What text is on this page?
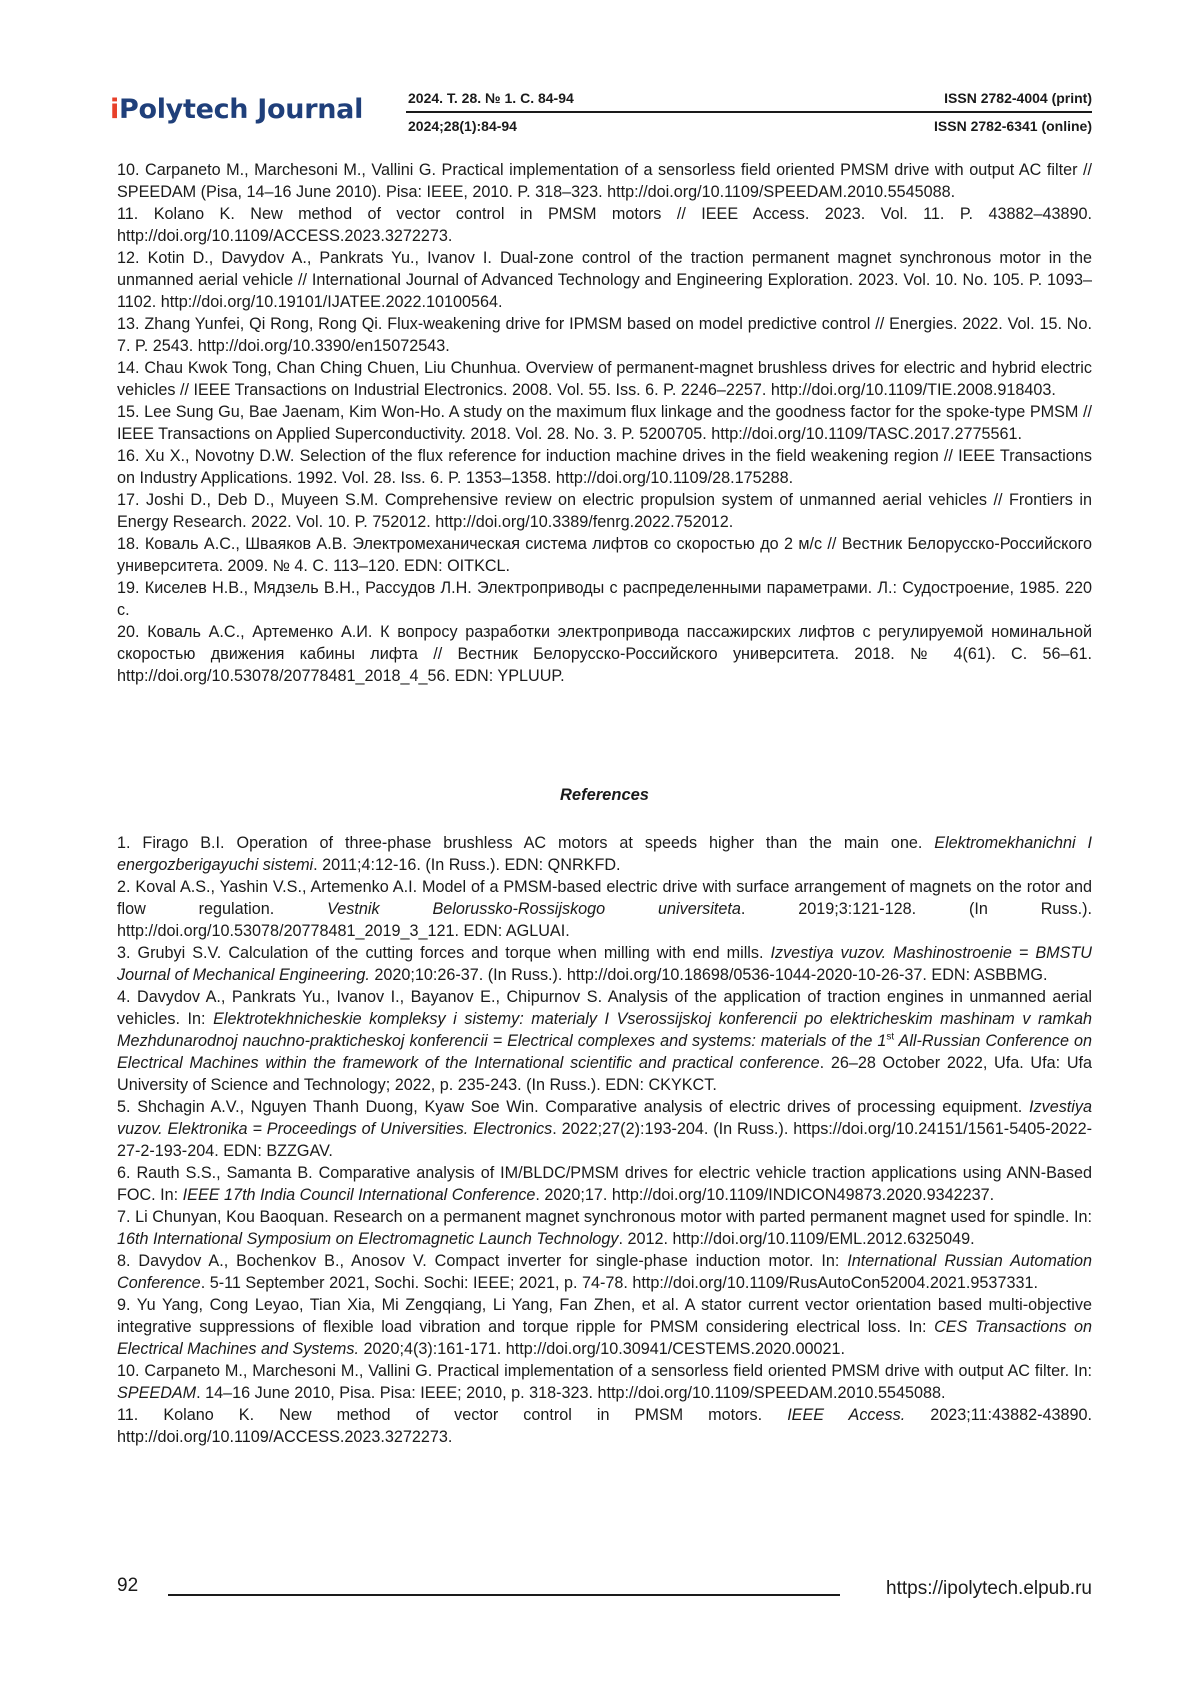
iPolytech Journal	2024. Т. 28. № 1. С. 84-94
2024;28(1):84-94
ISSN 2782-4004 (print)
ISSN 2782-6341 (online)

10. Carpaneto M., Marchesoni M., Vallini G. Practical implementation of a sensorless field oriented PMSM drive with output AC filter // SPEEDAM (Pisa, 14–16 June 2010). Pisa: IEEE, 2010. P. 318–323. http://doi.org/10.1109/SPEEDAM.2010.5545088.

11. Kolano K. New method of vector control in PMSM motors // IEEE Access. 2023. Vol. 11. P. 43882–43890. http://doi.org/10.1109/ACCESS.2023.3272273.

12. Kotin D., Davydov A., Pankrats Yu., Ivanov I. Dual-zone control of the traction permanent magnet synchronous motor in the unmanned aerial vehicle // International Journal of Advanced Technology and Engineering Exploration. 2023. Vol. 10. No. 105. P. 1093–1102. http://doi.org/10.19101/IJATEE.2022.10100564.

13. Zhang Yunfei, Qi Rong, Rong Qi. Flux-weakening drive for IPMSM based on model predictive control // Energies. 2022. Vol. 15. No. 7. P. 2543. http://doi.org/10.3390/en15072543.

14. Chau Kwok Tong, Chan Ching Chuen, Liu Chunhua. Overview of permanent-magnet brushless drives for electric and hybrid electric vehicles // IEEE Transactions on Industrial Electronics. 2008. Vol. 55. Iss. 6. P. 2246–2257. http://doi.org/10.1109/TIE.2008.918403.

15. Lee Sung Gu, Bae Jaenam, Kim Won-Ho. A study on the maximum flux linkage and the goodness factor for the spoke-type PMSM // IEEE Transactions on Applied Superconductivity. 2018. Vol. 28. No. 3. P. 5200705. http://doi.org/10.1109/TASC.2017.2775561.

16. Xu X., Novotny D.W. Selection of the flux reference for induction machine drives in the field weakening region // IEEE Transactions on Industry Applications. 1992. Vol. 28. Iss. 6. P. 1353–1358. http://doi.org/10.1109/28.175288.

17. Joshi D., Deb D., Muyeen S.M. Comprehensive review on electric propulsion system of unmanned aerial vehicles // Frontiers in Energy Research. 2022. Vol. 10. P. 752012. http://doi.org/10.3389/fenrg.2022.752012.

18. Коваль А.С., Шваяков А.В. Электромеханическая система лифтов со скоростью до 2 м/с // Вестник Белорусско-Российского университета. 2009. № 4. С. 113–120. EDN: OITKCL.

19. Киселев Н.В., Мядзель В.Н., Рассудов Л.Н. Электроприводы с распределенными параметрами. Л.: Судостроение, 1985. 220 с.

20. Коваль А.С., Артеменко А.И. К вопросу разработки электропривода пассажирских лифтов с регулируемой номинальной скоростью движения кабины лифта // Вестник Белорусско-Российского университета. 2018. № 4(61). С. 56–61. http://doi.org/10.53078/20778481_2018_4_56. EDN: YPLUUP.

References

1. Firago B.I. Operation of three-phase brushless AC motors at speeds higher than the main one. Elektromekhanichni I energozberigayuchi sistemi. 2011;4:12-16. (In Russ.). EDN: QNRKFD.

2. Koval A.S., Yashin V.S., Artemenko A.I. Model of a PMSM-based electric drive with surface arrangement of magnets on the rotor and flow regulation. Vestnik Belorussko-Rossijskogo universiteta. 2019;3:121-128. (In Russ.). http://doi.org/10.53078/20778481_2019_3_121. EDN: AGLUAI.

3. Grubyi S.V. Calculation of the cutting forces and torque when milling with end mills. Izvestiya vuzov. Mashinostroenie = BMSTU Journal of Mechanical Engineering. 2020;10:26-37. (In Russ.). http://doi.org/10.18698/0536-1044-2020-10-26-37. EDN: ASBBMG.

4. Davydov A., Pankrats Yu., Ivanov I., Bayanov E., Chipurnov S. Analysis of the application of traction engines in unmanned aerial vehicles. In: Elektrotekhnicheskie kompleksy i sistemy: materialy I Vserossijskoj konferencii po elektricheskim mashinam v ramkah Mezhdunarodnoj nauchno-prakticheskoj konferencii = Electrical complexes and systems: materials of the 1st All-Russian Conference on Electrical Machines within the framework of the International scientific and practical conference. 26–28 October 2022, Ufa. Ufa: Ufa University of Science and Technology; 2022, p. 235-243. (In Russ.). EDN: CKYKCT.

5. Shchagin A.V., Nguyen Thanh Duong, Kyaw Soe Win. Comparative analysis of electric drives of processing equipment. Izvestiya vuzov. Elektronika = Proceedings of Universities. Electronics. 2022;27(2):193-204. (In Russ.). https://doi.org/10.24151/1561-5405-2022-27-2-193-204. EDN: BZZGAV.

6. Rauth S.S., Samanta B. Comparative analysis of IM/BLDC/PMSM drives for electric vehicle traction applications using ANN-Based FOC. In: IEEE 17th India Council International Conference. 2020;17. http://doi.org/10.1109/INDICON49873.2020.9342237.

7. Li Chunyan, Kou Baoquan. Research on a permanent magnet synchronous motor with parted permanent magnet used for spindle. In: 16th International Symposium on Electromagnetic Launch Technology. 2012. http://doi.org/10.1109/EML.2012.6325049.

8. Davydov A., Bochenkov B., Anosov V. Compact inverter for single-phase induction motor. In: International Russian Automation Conference. 5-11 September 2021, Sochi. Sochi: IEEE; 2021, p. 74-78. http://doi.org/10.1109/RusAutoCon52004.2021.9537331.

9. Yu Yang, Cong Leyao, Tian Xia, Mi Zengqiang, Li Yang, Fan Zhen, et al. A stator current vector orientation based multi-objective integrative suppressions of flexible load vibration and torque ripple for PMSM considering electrical loss. In: CES Transactions on Electrical Machines and Systems. 2020;4(3):161-171. http://doi.org/10.30941/CESTEMS.2020.00021.

10. Carpaneto M., Marchesoni M., Vallini G. Practical implementation of a sensorless field oriented PMSM drive with output AC filter. In: SPEEDAM. 14–16 June 2010, Pisa. Pisa: IEEE; 2010, p. 318-323. http://doi.org/10.1109/SPEEDAM.2010.5545088.

11. Kolano K. New method of vector control in PMSM motors. IEEE Access. 2023;11:43882-43890. http://doi.org/10.1109/ACCESS.2023.3272273.

92	https://ipolytech.elpub.ru
